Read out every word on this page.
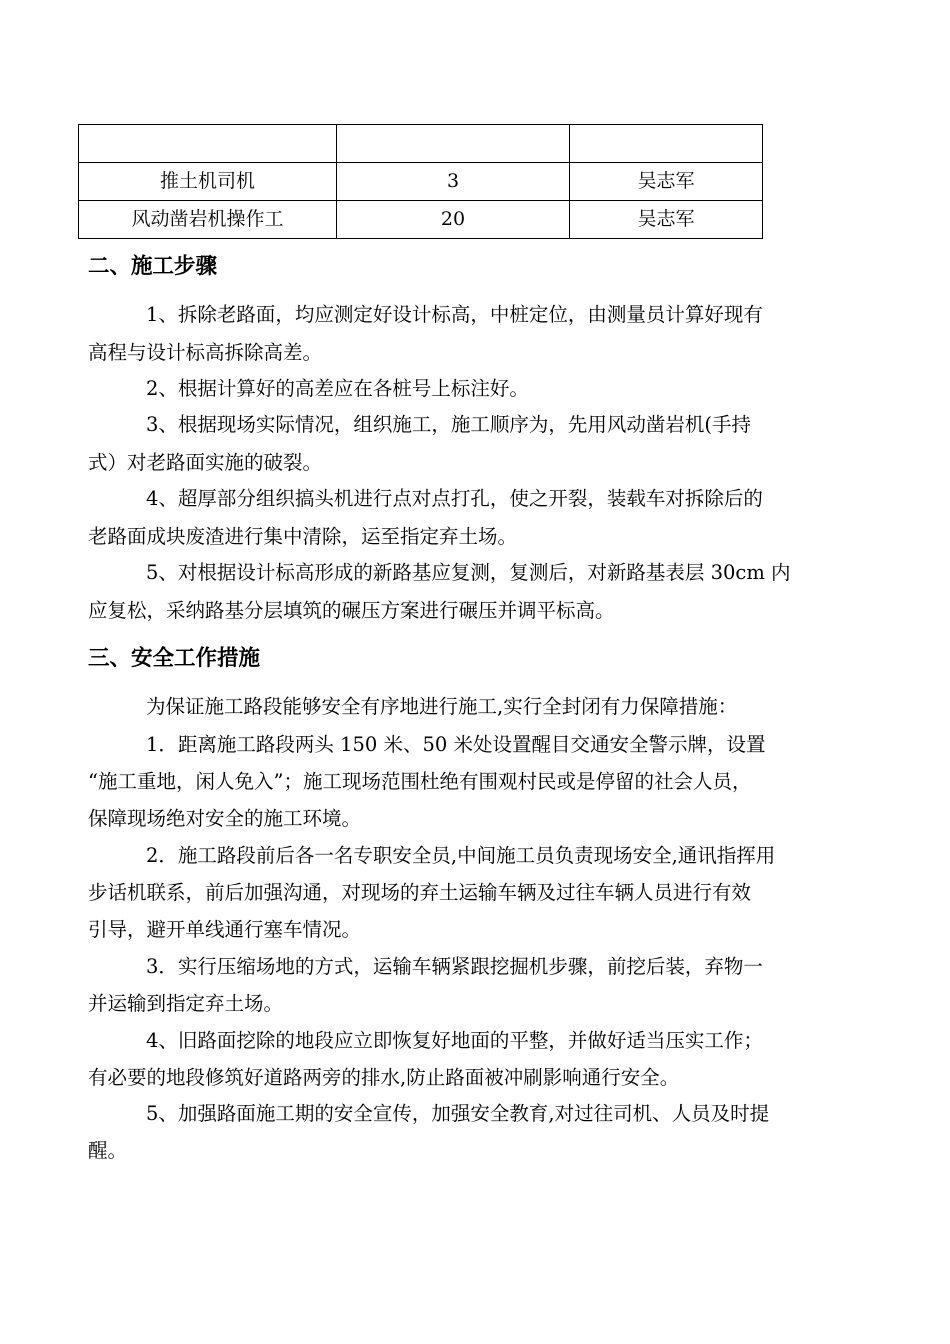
推土机司机	3	吴志军
风动凿岩机操作工	20	吴志军
二、施工步骤
1、拆除老路面，均应测定好设计标高，中桩定位，由测量员计算好现有
高程与设计标高拆除高差。
2、根据计算好的高差应在各桩号上标注好。
3、根据现场实际情况，组织施工，施工顺序为，先用风动凿岩机(手持
式）对老路面实施的破裂。
4、超厚部分组织搞头机进行点对点打孔，使之开裂，装载车对拆除后的
老路面成块废渣进行集中清除，运至指定弃土场。
5、对根据设计标高形成的新路基应复测，复测后，对新路基表层 30cm 内
应复松，采纳路基分层填筑的碾压方案进行碾压并调平标高。
三、安全工作措施
为保证施工路段能够安全有序地进行施工,实行全封闭有力保障措施：
1．距离施工路段两头 150 米、50 米处设置醒目交通安全警示牌，设置
“施工重地，闲人免入”；施工现场范围杜绝有围观村民或是停留的社会人员，
保障现场绝对安全的施工环境。
2．施工路段前后各一名专职安全员,中间施工员负责现场安全,通讯指挥用
步话机联系，前后加强沟通，对现场的弃土运输车辆及过往车辆人员进行有效
引导，避开单线通行塞车情况。
3．实行压缩场地的方式，运输车辆紧跟挖掘机步骤，前挖后装，弃物一
并运输到指定弃土场。
4、旧路面挖除的地段应立即恢复好地面的平整，并做好适当压实工作；
有必要的地段修筑好道路两旁的排水,防止路面被冲刷影响通行安全。
5、加强路面施工期的安全宣传，加强安全教育,对过往司机、人员及时提
醒。
